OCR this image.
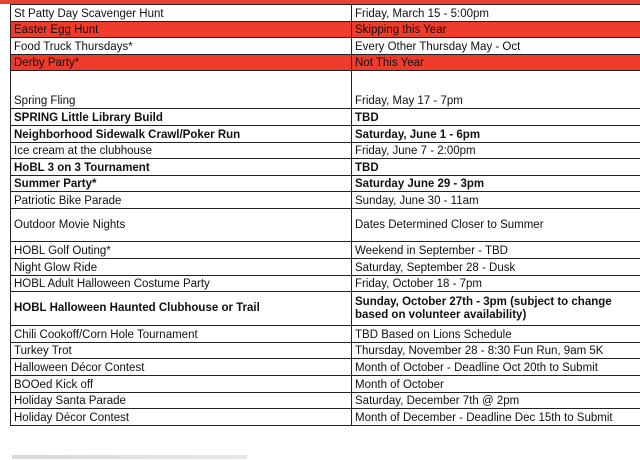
St Patty Day Scavenger Hunt	Friday, March 15 - 5:00pm
Easter Egg Hunt	Skipping this Year
Food Truck Thursdays*	Every Other Thursday May - Oct
Derby Party*	Not This Year
Spring Fling	Friday, May 17 - 7pm
SPRING Little Library Build	TBD
Neighborhood Sidewalk Crawl/Poker Run	Saturday, June 1 - 6pm
Ice cream at the clubhouse	Friday, June 7 - 2:00pm
HoBL 3 on 3 Tournament	TBD
Summer Party*	Saturday June 29 - 3pm
Patriotic Bike Parade	Sunday, June 30 - 11am
Outdoor Movie Nights	Dates Determined Closer to Summer
HOBL Golf Outing*	Weekend in September - TBD
Night Glow Ride	Saturday, September 28 - Dusk
HOBL Adult Halloween Costume Party	Friday, October 18 - 7pm
HOBL Halloween Haunted Clubhouse or Trail	Sunday, October 27th - 3pm (subject to change based on volunteer availability)
Chili Cookoff/Corn Hole Tournament	TBD Based on Lions Schedule
Turkey Trot	Thursday, November 28 - 8:30 Fun Run, 9am 5K
Halloween Décor Contest	Month of October - Deadline Oct 20th to Submit
BOOed Kick off	Month of October
Holiday Santa Parade	Saturday, December 7th @ 2pm
Holiday Décor Contest	Month of December - Deadline Dec 15th to Submit
